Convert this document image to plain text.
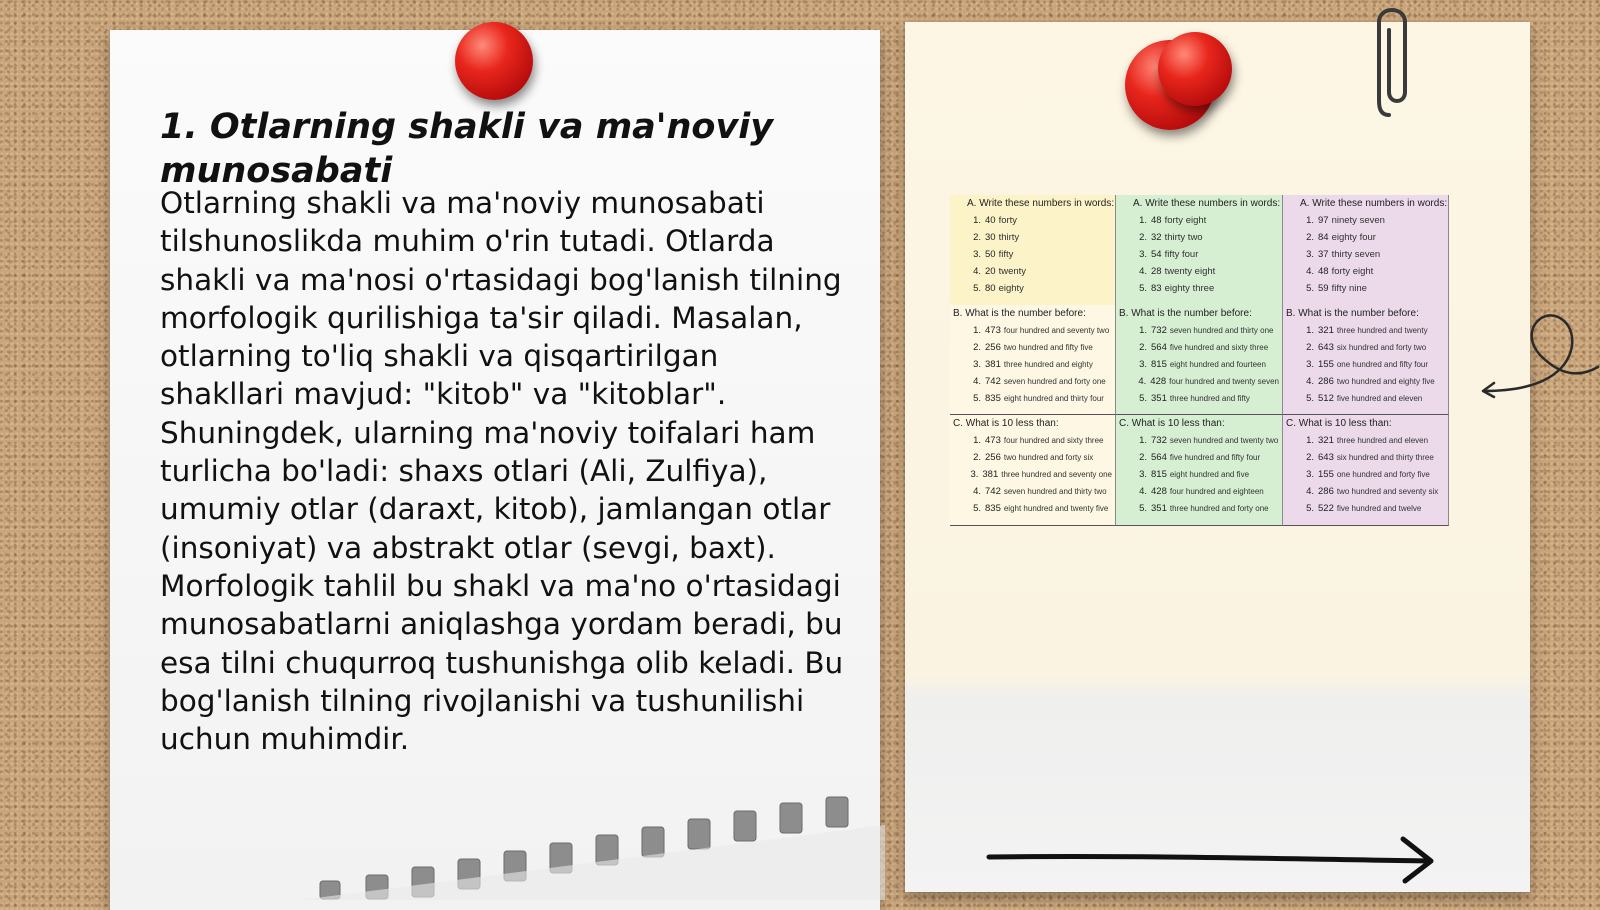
1. Otlarning shakli va ma'noviy munosabati

Otlarning shakli va ma'noviy munosabati tilshunoslikda muhim o'rin tutadi. Otlarda shakli va ma'nosi o'rtasidagi bog'lanish tilning morfologik qurilishiga ta'sir qiladi. Masalan, otlarning to'liq shakli va qisqartirilgan shakllari mavjud: "kitob" va "kitoblar". Shuningdek, ularning ma'noviy toifalari ham turlicha bo'ladi: shaxs otlari (Ali, Zulfiya), umumiy otlar (daraxt, kitob), jamlangan otlar (insoniyat) va abstrakt otlar (sevgi, baxt). Morfologik tahlil bu shakl va ma'no o'rtasidagi munosabatlarni aniqlashga yordam beradi, bu esa tilni chuqurroq tushunishga olib keladi. Bu bog'lanish tilning rivojlanishi va tushunilishi uchun muhimdir.

A. Write these numbers in words:
1. 40 forty
2. 30 thirty
3. 50 fifty
4. 20 twenty
5. 80 eighty
A. Write these numbers in words:
1. 48 forty eight
2. 32 thirty two
3. 54 fifty four
4. 28 twenty eight
5. 83 eighty three
A. Write these numbers in words:
1. 97 ninety seven
2. 84 eighty four
3. 37 thirty seven
4. 48 forty eight
5. 59 fifty nine
B. What is the number before:
1. 473 four hundred and seventy two
2. 256 two hundred and fifty five
3. 381 three hundred and eighty
4. 742 seven hundred and forty one
5. 835 eight hundred and thirty four
B. What is the number before:
1. 732 seven hundred and thirty one
2. 564 five hundred and sixty three
3. 815 eight hundred and fourteen
4. 428 four hundred and twenty seven
5. 351 three hundred and fifty
B. What is the number before:
1. 321 three hundred and twenty
2. 643 six hundred and forty two
3. 155 one hundred and fifty four
4. 286 two hundred and eighty five
5. 512 five hundred and eleven
C. What is 10 less than:
1. 473 four hundred and sixty three
2. 256 two hundred and forty six
3. 381 three hundred and seventy one
4. 742 seven hundred and thirty two
5. 835 eight hundred and twenty five
C. What is 10 less than:
1. 732 seven hundred and twenty two
2. 564 five hundred and fifty four
3. 815 eight hundred and five
4. 428 four hundred and eighteen
5. 351 three hundred and forty one
C. What is 10 less than:
1. 321 three hundred and eleven
2. 643 six hundred and thirty three
3. 155 one hundred and forty five
4. 286 two hundred and seventy six
5. 522 five hundred and twelve
